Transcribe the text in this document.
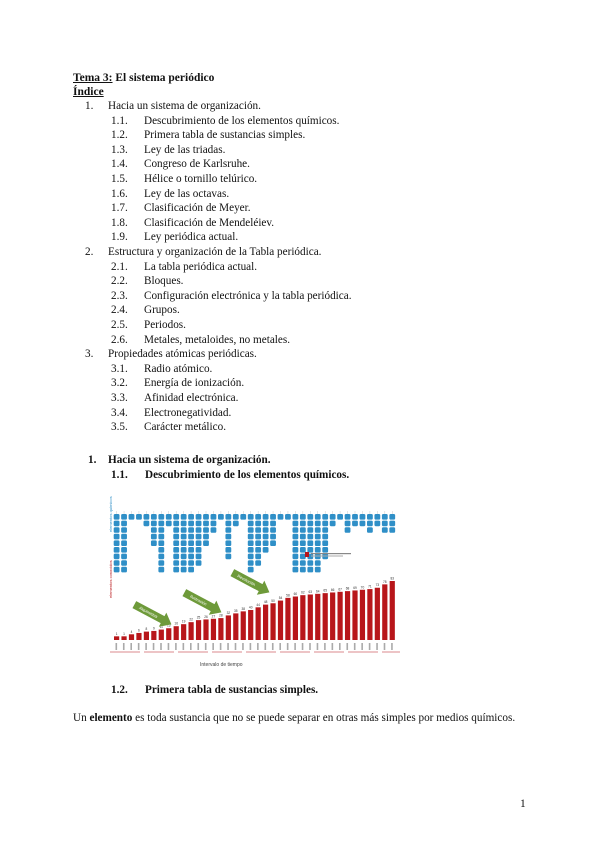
Tema 3: El sistema periódico
Índice
1. Hacia un sistema de organización.
1.1. Descubrimiento de los elementos químicos.
1.2. Primera tabla de sustancias simples.
1.3. Ley de las triadas.
1.4. Congreso de Karlsruhe.
1.5. Hélice o tornillo telúrico.
1.6. Ley de las octavas.
1.7. Clasificación de Meyer.
1.8. Clasificación de Mendeléiev.
1.9. Ley periódica actual.
2. Estructura y organización de la Tabla periódica.
2.1. La tabla periódica actual.
2.2. Bloques.
2.3. Configuración electrónica y la tabla periódica.
2.4. Grupos.
2.5. Periodos.
2.6. Metales, metaloides, no metales.
3. Propiedades atómicas periódicas.
3.1. Radio atómico.
3.2. Energía de ionización.
3.3. Afinidad electrónica.
3.4. Electronegatividad.
3.5. Carácter metálico.
1. Hacia un sistema de organización.
1.1. Descubrimiento de los elementos químicos.
1 1
4 6 8 9 11 13
16
19
22
25 26 27 28
32
35
38 40
44
48 50
54
58 60 62 63 64 65 66 67 68 69 70 71 73
78
83
Alquimistas
Ilustración
Revolución
elementos químicos
elementos conocidos
Intervalo de tiempo
1.2. Primera tabla de sustancias simples.
Un elemento es toda sustancia que no se puede separar en otras más simples por medios químicos.
1
